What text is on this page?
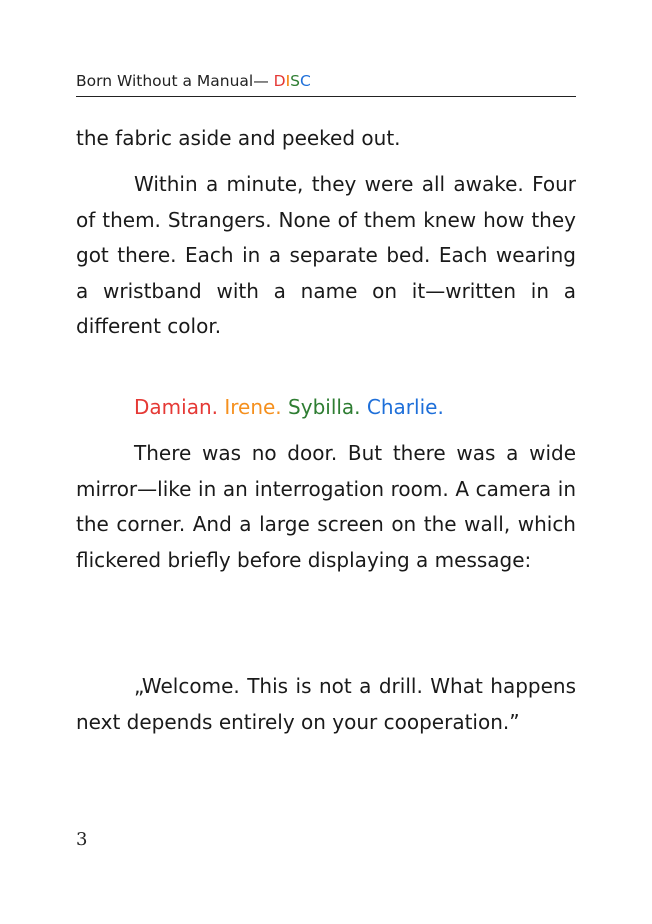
Born Without a Manual— DISC
the fabric aside and peeked out.
Within a minute, they were all awake. Four of them. Strangers. None of them knew how they got there. Each in a separate bed. Each wearing a wristband with a name on it—written in a different color.
Damian. Irene. Sybilla. Charlie.
There was no door. But there was a wide mirror—like in an interrogation room. A camera in the corner. And a large screen on the wall, which flickered briefly before displaying a message:
„Welcome. This is not a drill. What happens next depends entirely on your cooperation.”
3
